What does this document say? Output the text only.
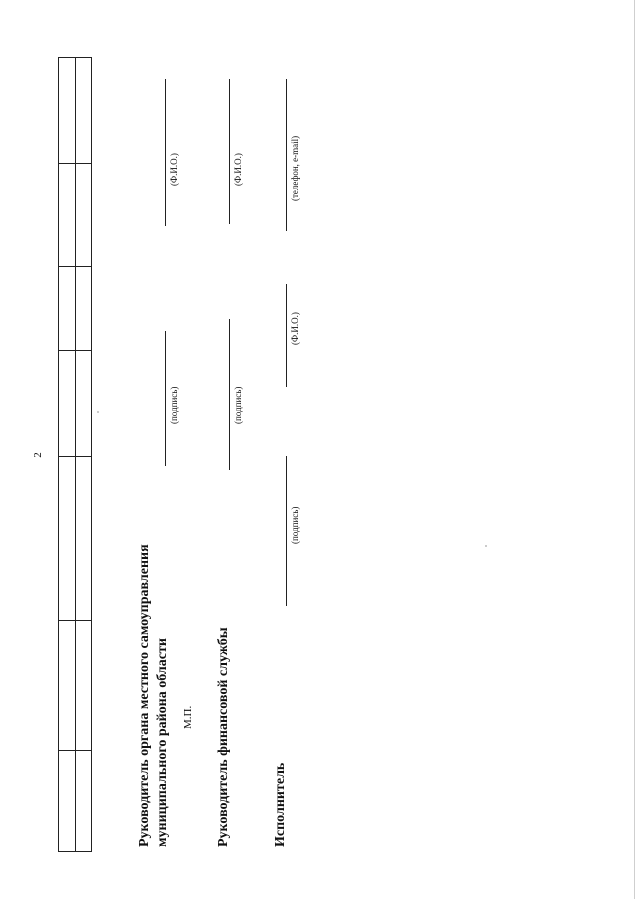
2
Руководитель органа местного самоуправления муниципального района области М.П.
(подпись)
(Ф.И.О.)
Руководитель финансовой службы
(подпись)
(Ф.И.О.)
Исполнитель
(подпись)
(Ф.И.О.)
(телефон, e-mail)
